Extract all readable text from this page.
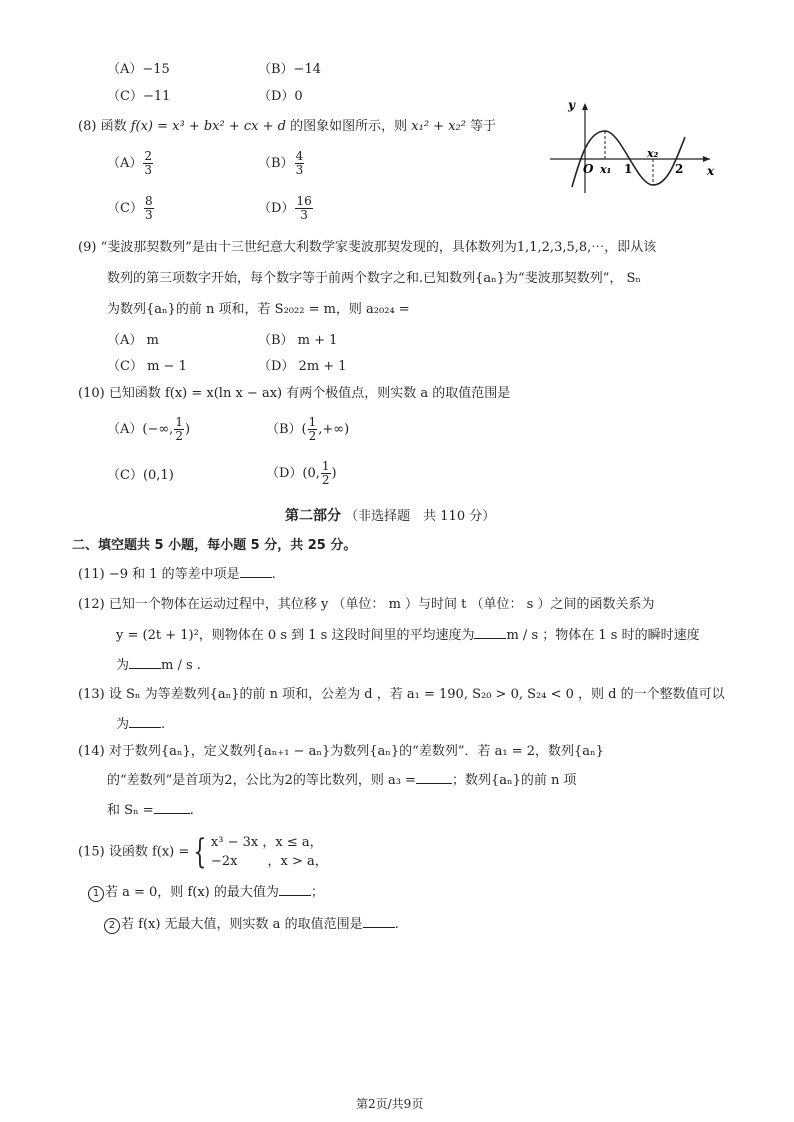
（A）−15	（B）−14
（C）−11	（D）0
(8) 函数 f(x) = x³ + bx² + cx + d 的图象如图所示，则 x₁² + x₂² 等于
$(A) \frac{2}{3}$	$(B) \frac{4}{3}$
$(C) \frac{8}{3}$	$(D) \frac{16}{3}$
y
x
O x₁ 1
x₂
2
(9) “斐波那契数列”是由十三世纪意大利数学家斐波那契发现的，具体数列为1,1,2,3,5,8,⋯，即从该
数列的第三项数字开始，每个数字等于前两个数字之和.已知数列{aₙ}为“斐波那契数列”， Sₙ
为数列{aₙ}的前 n 项和，若 S₂₀₂₂ = m，则 a₂₀₂₄ =
（A） m	（B） m + 1
（C） m − 1	（D） 2m + 1
(10) 已知函数 f(x) = x(ln x − ax) 有两个极值点，则实数 a 的取值范围是
（A）(−∞, $\frac{1}{2}$ )	$(B)( \frac{1}{2}$ ,+∞)
（C）(0,1)	（D）(0, $\frac{1}{2}$ )
第二部分 （非选择题　共 110 分）
二、填空题共 5 小题，每小题 5 分，共 25 分。
(11) −9 和 1 的等差中项是 .
(12) 已知一个物体在运动过程中，其位移 y （单位： m ）与时间 t （单位： s ）之间的函数关系为
y = (2t + 1)²，则物体在 0 s 到 1 s 这段时间里的平均速度为 m / s ；物体在 1 s 时的瞬时速度
为 m / s .
(13) 设 Sₙ 为等差数列{aₙ}的前 n 项和，公差为 d ，若 a₁ = 190, S₂₀ > 0, S₂₄ < 0 ，则 d 的一个整数值可以
为 .
(14) 对于数列{aₙ}，定义数列{aₙ₊₁ − aₙ}为数列{aₙ}的“差数列”．若 a₁ = 2，数列{aₙ}
的“差数列”是首项为2，公比为2的等比数列，则 a₃ =	；数列{aₙ}的前 n 项
和 Sₙ =	.
(15) 设函数 f(x) = { x³ − 3x ，x ≤ a，
−2x 　　，x > a，
1 若 a = 0，则 f(x) 的最大值为 ；
2 若 f(x) 无最大值，则实数 a 的取值范围是 .
第2页/共9页
